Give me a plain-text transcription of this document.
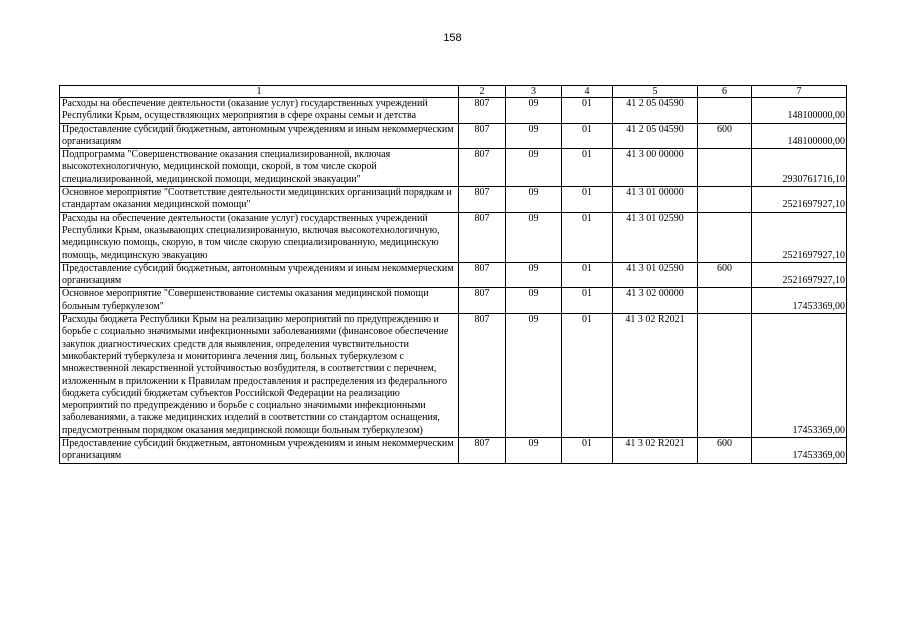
158
1	2	3	4	5	6	7
Расходы на обеспечение деятельности (оказание услуг) государственных учреждений Республики Крым, осуществляющих мероприятия в сфере охраны семьи и детства	807	09	01	41 2 05 04590		148100000,00
Предоставление субсидий бюджетным, автономным учреждениям и иным некоммерческим организациям	807	09	01	41 2 05 04590	600	148100000,00
Подпрограмма "Совершенствование оказания специализированной, включая высокотехнологичную, медицинской помощи, скорой, в том числе скорой специализированной, медицинской помощи, медицинской эвакуации"	807	09	01	41 3 00 00000		2930761716,10
Основное мероприятие "Соответствие деятельности медицинских организаций порядкам и стандартам оказания медицинской помощи"	807	09	01	41 3 01 00000		2521697927,10
Расходы на обеспечение деятельности (оказание услуг) государственных учреждений Республики Крым, оказывающих специализированную, включая высокотехнологичную, медицинскую помощь, скорую, в том числе скорую специализированную, медицинскую помощь, медицинскую эвакуацию	807	09	01	41 3 01 02590		2521697927,10
Предоставление субсидий бюджетным, автономным учреждениям и иным некоммерческим организациям	807	09	01	41 3 01 02590	600	2521697927,10
Основное мероприятие "Совершенствование системы оказания медицинской помощи больным туберкулезом"	807	09	01	41 3 02 00000		17453369,00
Расходы бюджета Республики Крым на реализацию мероприятий по предупреждению и борьбе с социально значимыми инфекционными заболеваниями (финансовое обеспечение закупок диагностических средств для выявления, определения чувствительности микобактерий туберкулеза и мониторинга лечения лиц, больных туберкулезом с множественной лекарственной устойчивостью возбудителя, в соответствии с перечнем, изложенным в приложении к Правилам предоставления и распределения из федерального бюджета субсидий бюджетам субъектов Российской Федерации на реализацию мероприятий по предупреждению и борьбе с социально значимыми инфекционными заболеваниями, а также медицинских изделий в соответствии со стандартом оснащения, предусмотренным порядком оказания медицинской помощи больным туберкулезом)	807	09	01	41 3 02 R2021		17453369,00
Предоставление субсидий бюджетным, автономным учреждениям и иным некоммерческим организациям	807	09	01	41 3 02 R2021	600	17453369,00
